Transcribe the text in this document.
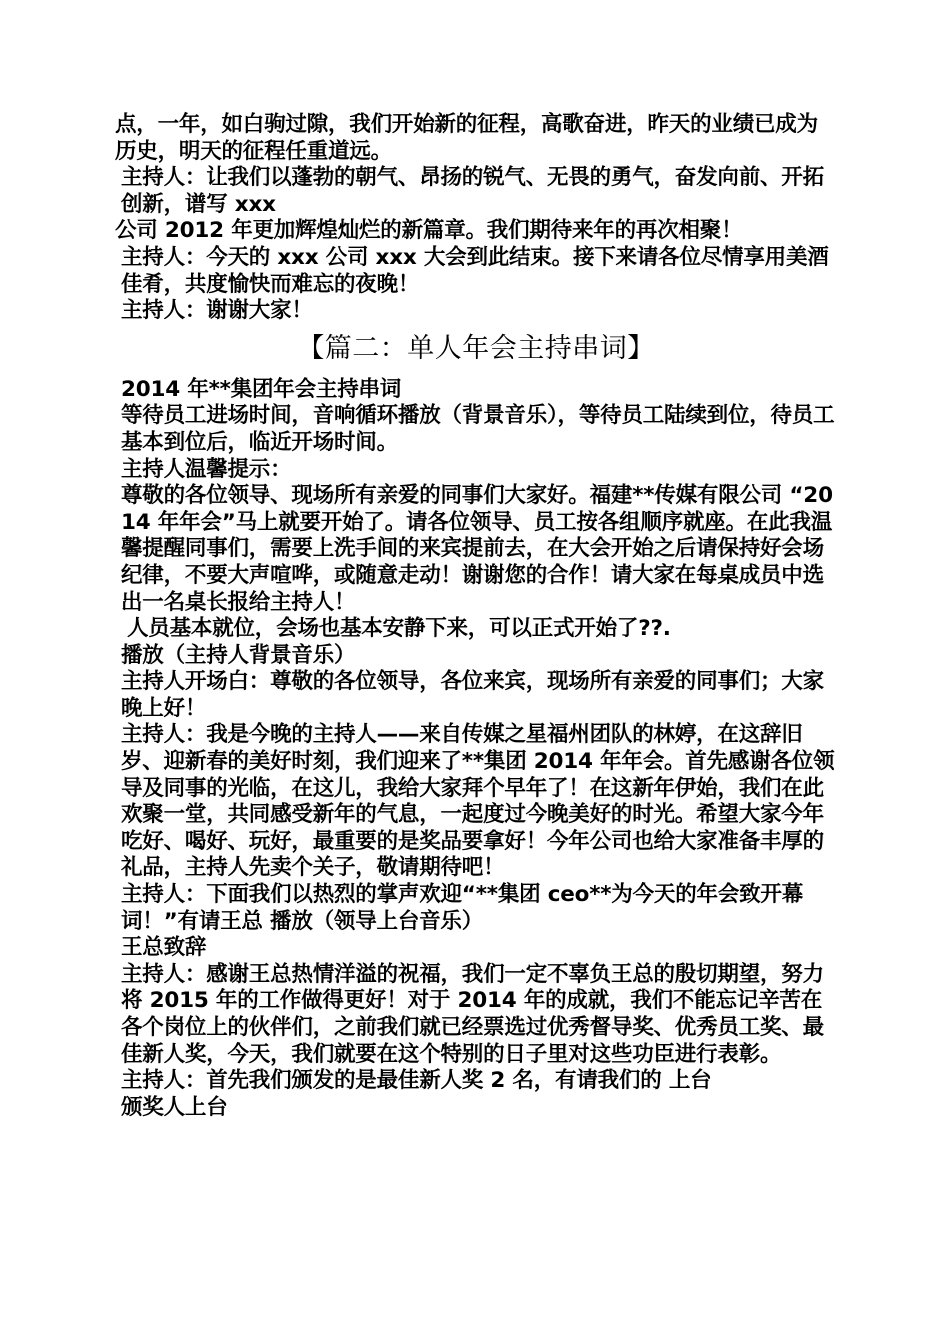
点，一年，如白驹过隙，我们开始新的征程，高歌奋进，昨天的业绩已成为历史，明天的征程任重道远。

主持人：让我们以蓬勃的朝气、昂扬的锐气、无畏的勇气，奋发向前、开拓创新，谱写 xxx

公司 2012 年更加辉煌灿烂的新篇章。我们期待来年的再次相聚！

主持人：今天的 xxx 公司 xxx 大会到此结束。接下来请各位尽情享用美酒佳肴，共度愉快而难忘的夜晚！

主持人：谢谢大家！

【篇二：单人年会主持串词】

2014 年**集团年会主持串词

等待员工进场时间，音响循环播放（背景音乐），等待员工陆续到位，待员工基本到位后，临近开场时间。

主持人温馨提示：

尊敬的各位领导、现场所有亲爱的同事们大家好。福建**传媒有限公司 “2014 年年会”马上就要开始了。请各位领导、员工按各组顺序就座。在此我温馨提醒同事们，需要上洗手间的来宾提前去，在大会开始之后请保持好会场纪律，不要大声喧哗，或随意走动！谢谢您的合作！请大家在每桌成员中选出一名桌长报给主持人！

人员基本就位，会场也基本安静下来，可以正式开始了??.

播放（主持人背景音乐）

主持人开场白：尊敬的各位领导，各位来宾，现场所有亲爱的同事们；大家晚上好！

主持人：我是今晚的主持人——来自传媒之星福州团队的林婷，在这辞旧岁、迎新春的美好时刻，我们迎来了**集团 2014 年年会。首先感谢各位领导及同事的光临，在这儿，我给大家拜个早年了！在这新年伊始，我们在此欢聚一堂，共同感受新年的气息，一起度过今晚美好的时光。希望大家今年吃好、喝好、玩好，最重要的是奖品要拿好！今年公司也给大家准备丰厚的礼品，主持人先卖个关子，敬请期待吧！

主持人：下面我们以热烈的掌声欢迎“**集团 ceo**为今天的年会致开幕词！”有请王总 播放（领导上台音乐）

王总致辞

主持人：感谢王总热情洋溢的祝福，我们一定不辜负王总的殷切期望，努力将 2015 年的工作做得更好！对于 2014 年的成就，我们不能忘记辛苦在各个岗位上的伙伴们，之前我们就已经票选过优秀督导奖、优秀员工奖、最佳新人奖，今天，我们就要在这个特别的日子里对这些功臣进行表彰。

主持人：首先我们颁发的是最佳新人奖 2 名，有请我们的 上台

颁奖人上台
